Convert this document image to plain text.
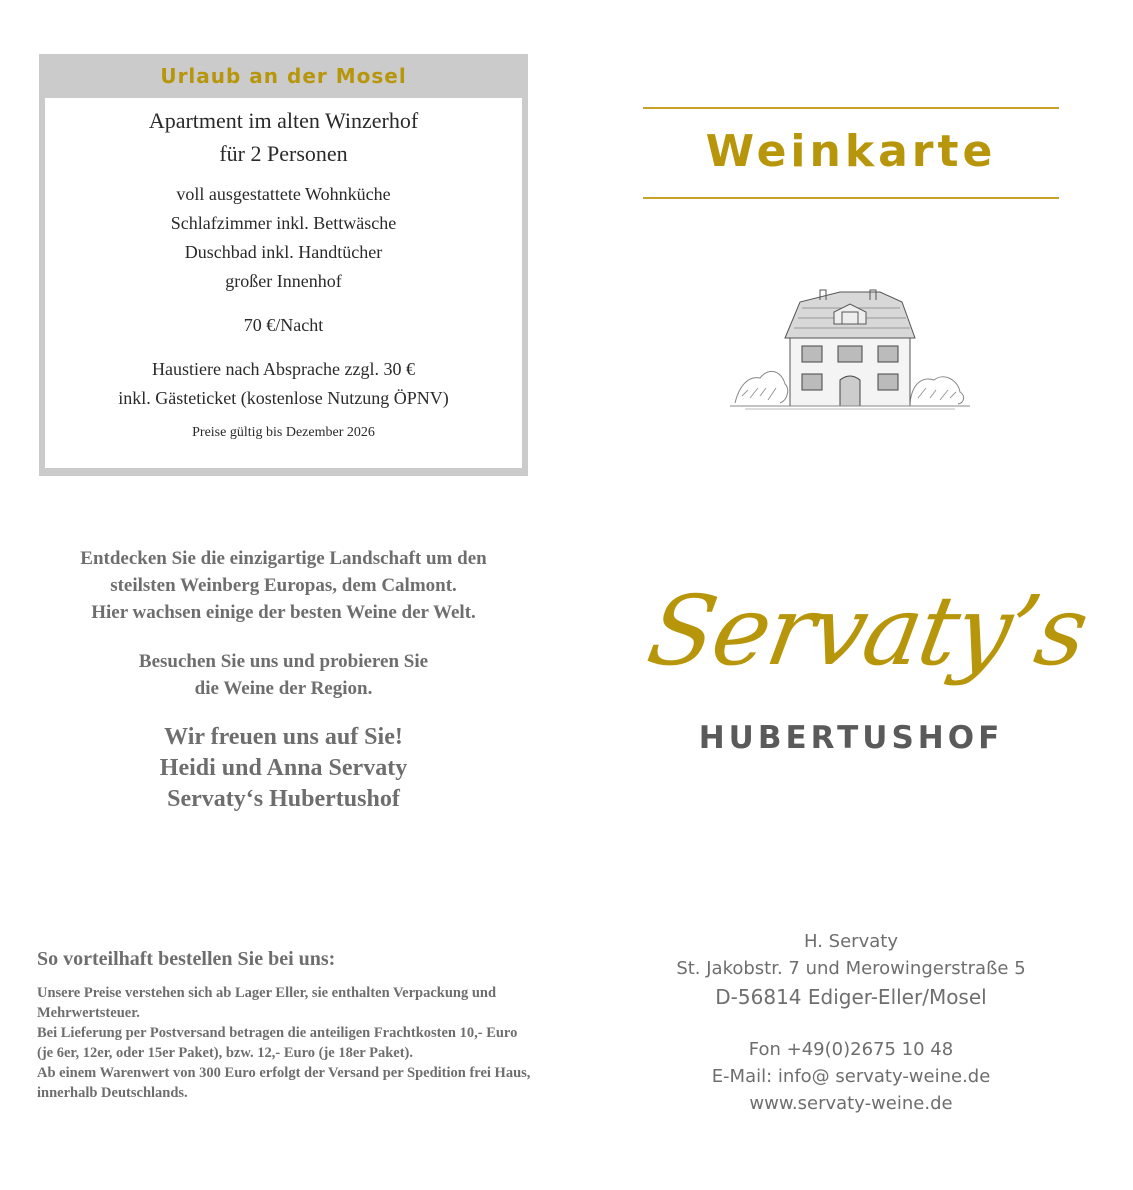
Urlaub an der Mosel
Apartment im alten Winzerhof
für 2 Personen
voll ausgestattete Wohnküche
Schlafzimmer inkl. Bettwäsche
Duschbad inkl. Handtücher
großer Innenhof
70 €/Nacht
Haustiere nach Absprache zzgl. 30 €
inkl. Gästeticket (kostenlose Nutzung ÖPNV)
Preise gültig bis Dezember 2026

Entdecken Sie die einzigartige Landschaft um den

steilsten Weinberg Europas, dem Calmont.

Hier wachsen einige der besten Weine der Welt.

Besuchen Sie uns und probieren Sie

die Weine der Region.

Wir freuen uns auf Sie!

Heidi und Anna Servaty

Servaty‘s Hubertushof

So vorteilhaft bestellen Sie bei uns:

Unsere Preise verstehen sich ab Lager Eller, sie enthalten Verpackung und Mehrwertsteuer.

Bei Lieferung per Postversand betragen die anteiligen Frachtkosten 10,- Euro (je 6er, 12er, oder 15er Paket), bzw. 12,- Euro (je 18er Paket).

Ab einem Warenwert von 300 Euro erfolgt der Versand per Spedition frei Haus, innerhalb Deutschlands.

Weinkarte
Servaty’s
HUBERTUSHOF
H. Servaty
St. Jakobstr. 7 und Merowingerstraße 5
D-56814 Ediger-Eller/Mosel
Fon +49(0)2675 10 48
E-Mail: info@ servaty-weine.de
www.servaty-weine.de
